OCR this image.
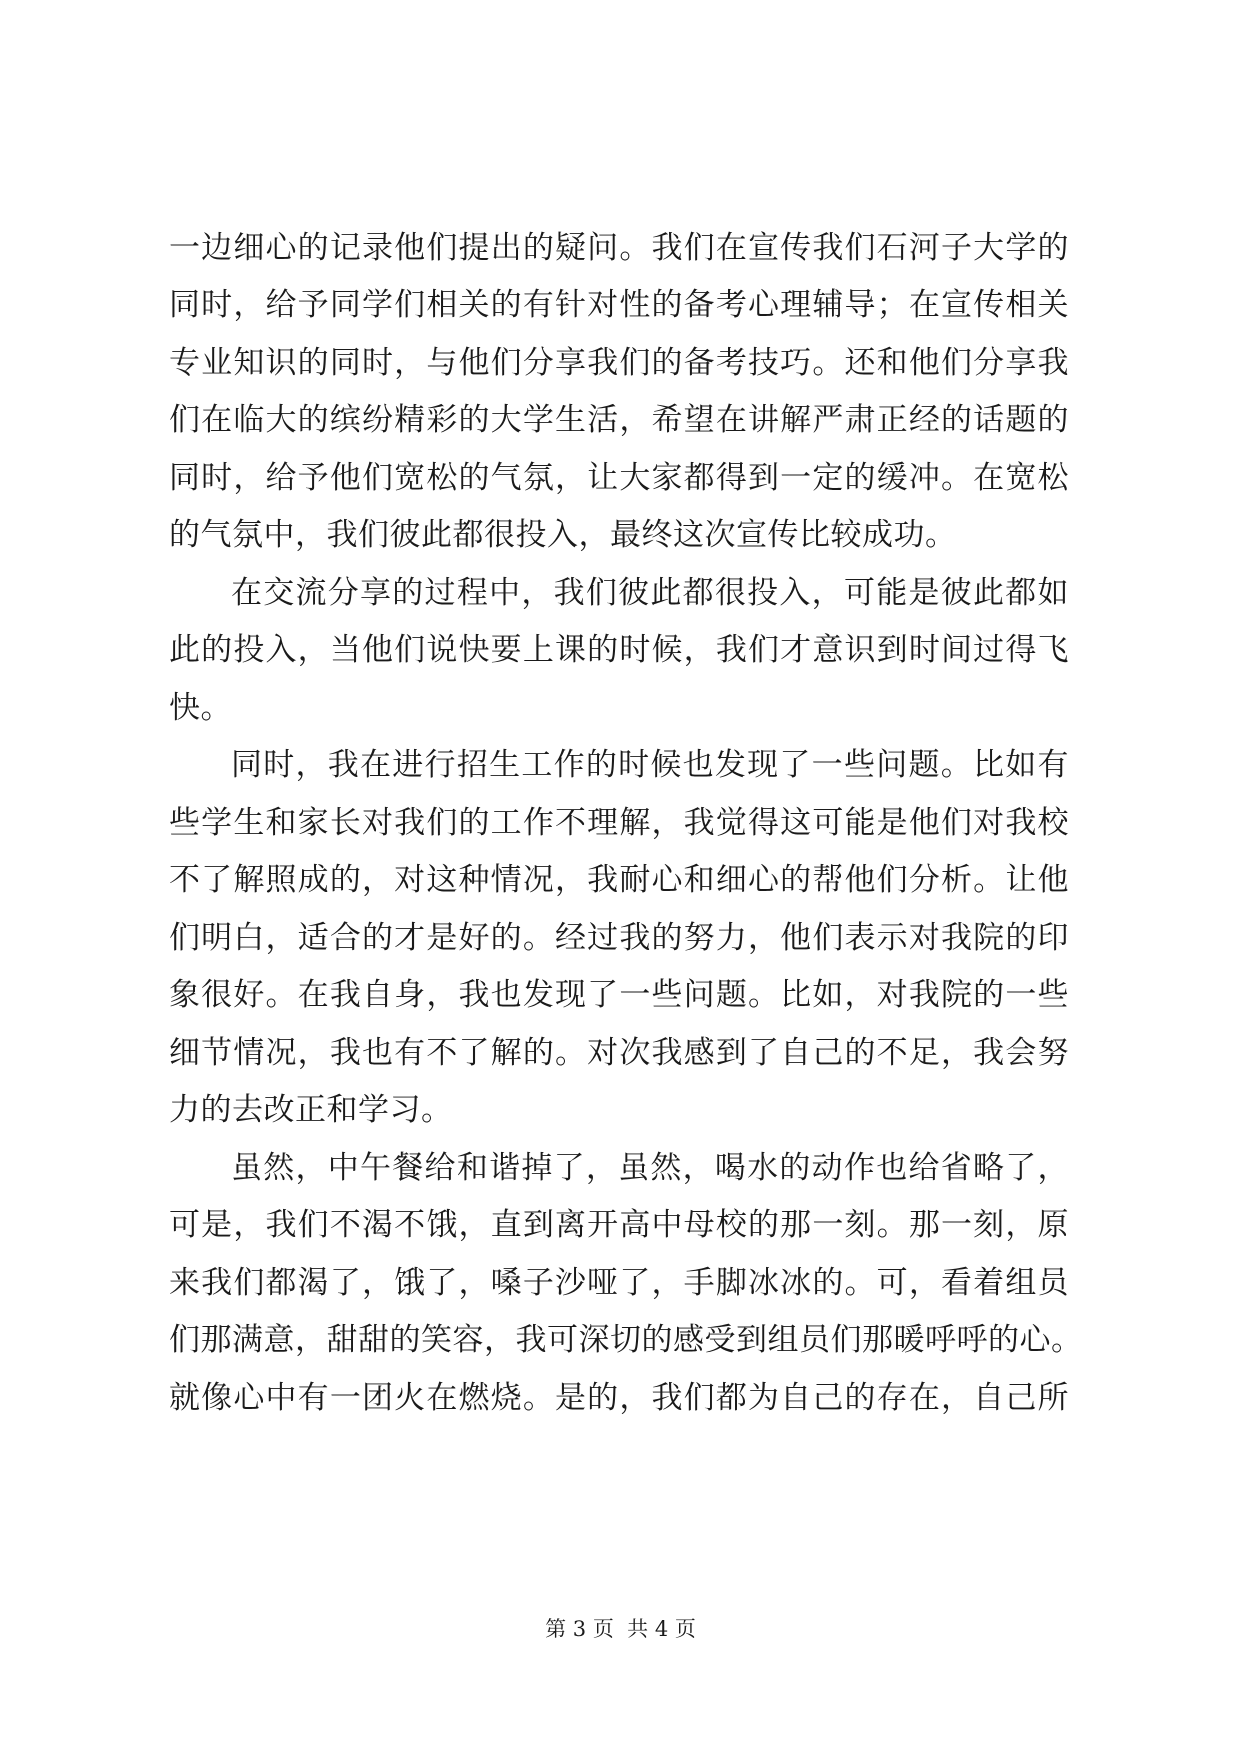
一边细心的记录他们提出的疑问。我们在宣传我们石河子大学的
同时，给予同学们相关的有针对性的备考心理辅导；在宣传相关
专业知识的同时，与他们分享我们的备考技巧。还和他们分享我
们在临大的缤纷精彩的大学生活，希望在讲解严肃正经的话题的
同时，给予他们宽松的气氛，让大家都得到一定的缓冲。在宽松
的气氛中，我们彼此都很投入，最终这次宣传比较成功。
在交流分享的过程中，我们彼此都很投入，可能是彼此都如
此的投入，当他们说快要上课的时候，我们才意识到时间过得飞
快。
同时，我在进行招生工作的时候也发现了一些问题。比如有
些学生和家长对我们的工作不理解，我觉得这可能是他们对我校
不了解照成的，对这种情况，我耐心和细心的帮他们分析。让他
们明白，适合的才是好的。经过我的努力，他们表示对我院的印
象很好。在我自身，我也发现了一些问题。比如，对我院的一些
细节情况，我也有不了解的。对次我感到了自己的不足，我会努
力的去改正和学习。
虽然，中午餐给和谐掉了，虽然，喝水的动作也给省略了，
可是，我们不渴不饿，直到离开高中母校的那一刻。那一刻，原
来我们都渴了，饿了，嗓子沙哑了，手脚冰冰的。可，看着组员
们那满意，甜甜的笑容，我可深切的感受到组员们那暖呼呼的心。
就像心中有一团火在燃烧。是的，我们都为自己的存在，自己所
第 3 页  共 4 页
